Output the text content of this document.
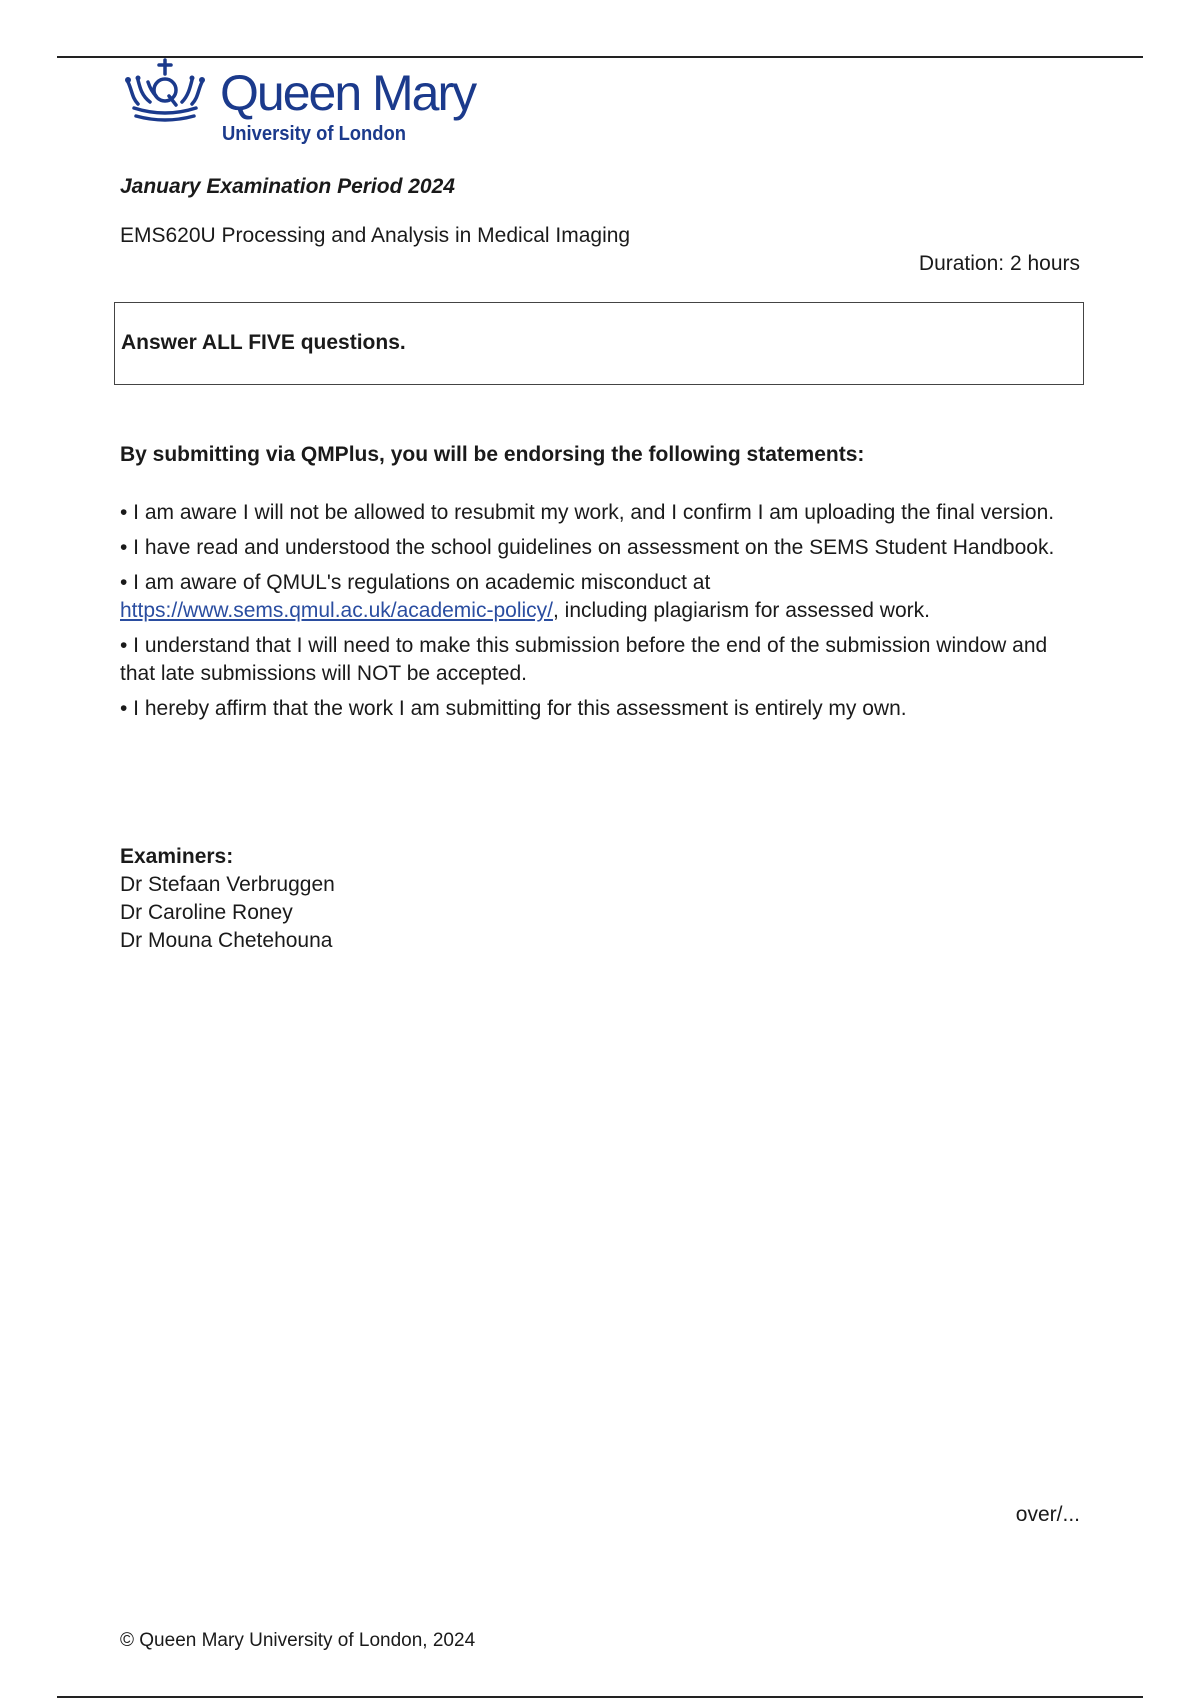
Queen Mary
University of London
January Examination Period 2024
EMS620U Processing and Analysis in Medical Imaging
Duration: 2 hours
Answer ALL FIVE questions.
By submitting via QMPlus, you will be endorsing the following statements:

• I am aware I will not be allowed to resubmit my work, and I confirm I am uploading the final version.

• I have read and understood the school guidelines on assessment on the SEMS Student Handbook.

• I am aware of QMUL's regulations on academic misconduct at https://www.sems.qmul.ac.uk/academic-policy/, including plagiarism for assessed work.

• I understand that I will need to make this submission before the end of the submission window and that late submissions will NOT be accepted.

• I hereby affirm that the work I am submitting for this assessment is entirely my own.

Examiners:
Dr Stefaan Verbruggen
Dr Caroline Roney
Dr Mouna Chetehouna
over/...
© Queen Mary University of London, 2024
